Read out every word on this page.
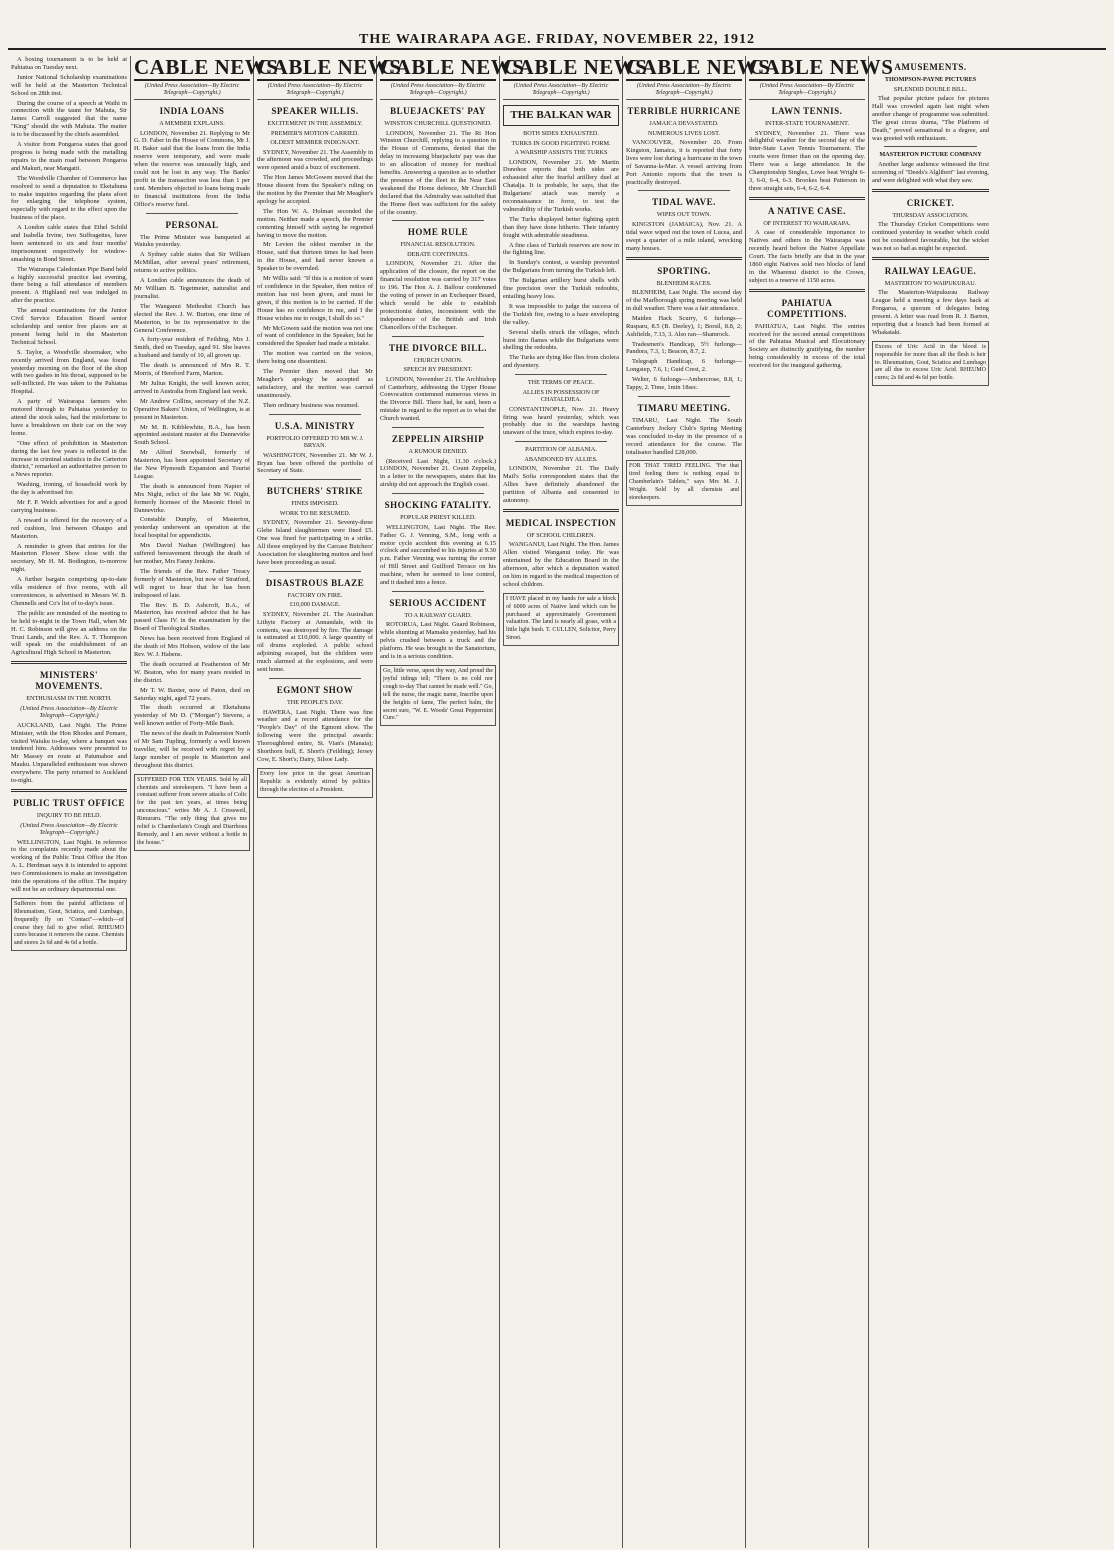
THE WAIRARAPA AGE. FRIDAY, NOVEMBER 22, 1912

A boxing tournament is to be held at Pahiatua on Tuesday next.

Junior National Scholarship examinations will be held at the Masterton Technical School on 28th inst.

During the course of a speech at Waihi in connection with the taunt for Mahuta, Sir James Carroll suggested that the name "King" should die with Mahuta. The matter is to be discussed by the chiefs assembled.

A visitor from Pongaroa states that good progress is being made with the metalling repairs to the main road between Pongaroa and Makuri, near Mangatii.

The Woodville Chamber of Commerce has resolved to send a deputation to Eketahuna to make inquiries regarding the plans afoot for enlarging the telephone system, especially with regard to the effect upon the business of the place.

A London cable states that Ethel Schild and Isabella Irvine, two Suffragettes, have been sentenced to six and four months' imprisonment respectively for window-smashing in Bond Street.

The Wairarapa Caledonian Pipe Band held a highly successful practice last evening, there being a full attendance of members present. A Highland reel was indulged in after the practice.

The annual examinations for the Junior Civil Service Education Board senior scholarship and senior free places are at present being held in the Masterton Technical School.

S. Taylor, a Woodville shoemaker, who recently arrived from England, was found yesterday morning on the floor of the shop with two gashes in his throat, supposed to be self-inflicted. He was taken to the Pahiatua Hospital.

A party of Wairarapa farmers who motored through to Pahiatua yesterday to attend the stock sales, had the misfortune to have a breakdown on their car on the way home.

"One effect of prohibition in Masterton during the last few years is reflected in the increase in criminal statistics in the Carterton district," remarked an authoritative person to a News reporter.

Washing, ironing, of household work by the day is advertised for.

Mr F. P. Welch advertises for and a good carrying business.

A reward is offered for the recovery of a red cushion, lost between Ohaupo and Masterton.

A reminder is given that entries for the Masterton Flower Show close with the secretary, Mr H. M. Bodington, to-morrow night.

A further bargain comprising up-to-date villa residence of five rooms, with all conveniences, is advertised in Messrs W. B. Chennells and Co's list of to-day's issue.

The public are reminded of the meeting to be held to-night in the Town Hall, when Mr H. C. Robinson will give an address on the Trust Lands, and the Rev. A. T. Thompson will speak on the establishment of an Agricultural High School in Masterton.

MINISTERS' MOVEMENTS.
ENTHUSIASM IN THE NORTH.
(United Press Association—By Electric Telegraph—Copyright.)

AUCKLAND, Last Night. The Prime Minister, with the Hon Rhodes and Pomare, visited Waiuku to-day, where a banquet was tendered him. Addresses were presented to Mr Massey en route at Patumahoe and Mauku. Unparalleled enthusiasm was shown everywhere. The party returned to Auckland to-night.

PUBLIC TRUST OFFICE
INQUIRY TO BE HELD.
(United Press Association—By Electric Telegraph—Copyright.)

WELLINGTON, Last Night. In reference to the complaints recently made about the working of the Public Trust Office the Hon A. L. Herdman says it is intended to appoint two Commissioners to make an investigation into the operations of the office. The inquiry will not be an ordinary departmental one.

Sufferers from the painful afflictions of Rheumatism, Gout, Sciatica, and Lumbago, frequently fly on "Contact"—which—of course they fail to give relief. RHEUMO cures because it removes the cause. Chemists and stores 2s 6d and 4s 6d a bottle.
CABLE NEWS
(United Press Association—By Electric Telegraph—Copyright.)
INDIA LOANS
A MEMBER EXPLAINS.

LONDON, November 21. Replying to Mr G. D. Faber in the House of Commons, Mr J. H. Baker said that the loans from the India reserve were temporary, and were made when the reserve was unusually high, and could not be lost in any way. The Banks' profit in the transaction was less than 1 per cent. Members objected to loans being made to financial institutions from the India Office's reserve fund.

PERSONAL

The Prime Minister was banqueted at Waiuku yesterday.

A Sydney cable states that Sir William McMillan, after several years' retirement, returns to active politics.

A London cable announces the death of Mr William B. Tegetmeier, naturalist and journalist.

The Wanganui Methodist Church has elected the Rev. J. W. Burton, one time of Masterton, to be its representative to the General Conference.

A forty-year resident of Feilding, Mrs J. Smith, died on Tuesday, aged 91. She leaves a husband and family of 10, all grown up.

The death is announced of Mrs R. T. Morris, of Hereford Farm, Marton.

Mr Julius Knight, the well known actor, arrived in Australia from England last week.

Mr Andrew Collins, secretary of the N.Z. Operative Bakers' Union, of Wellington, is at present in Masterton.

Mr M. B. Kibblewhite, B.A., has been appointed assistant master at the Dannevirke South School.

Mr Alfred Snowball, formerly of Masterton, has been appointed Secretary of the New Plymouth Expansion and Tourist League.

The death is announced from Napier of Mrs Night, relict of the late Mr W. Night, formerly licensee of the Masonic Hotel in Dannevirke.

Constable Dunphy, of Masterton, yesterday underwent an operation at the local hospital for appendicitis.

Mrs David Nathan (Wellington) has suffered bereavement through the death of her mother, Mrs Fanny Jenkins.

The friends of the Rev. Father Treacy formerly of Masterton, but now of Stratford, will regret to hear that he has been indisposed of late.

The Rev. B. D. Ashcroft, B.A., of Masterton, has received advice that he has passed Class IV. in the examination by the Board of Theological Studies.

News has been received from England of the death of Mrs Hobson, widow of the late Rev. W. J. Habens.

The death occurred at Featherston of Mr W. Beaton, who for many years resided in the district.

Mr T. W. Baxter, now of Paton, died on Saturday night, aged 72 years.

The death occurred at Eketahuna yesterday of Mr D. ("Morgan") Stevens, a well known settler of Forty-Mile Bush.

The news of the death in Palmerston North of Mr Sam Tupling, formerly a well known traveller, will be received with regret by a large number of people in Masterton and throughout this district.

SUFFERED FOR TEN YEARS. Sold by all chemists and storekeepers. "I have been a constant sufferer from severe attacks of Colic for the past ten years, at times being unconscious." writes Mr A. J. Crossweil, Rimuraru. "The only thing that gives me relief is Chamberlain's Cough and Diarrhoea Remedy, and I am never without a bottle in the house."
CABLE NEWS
(United Press Association—By Electric Telegraph—Copyright.)
SPEAKER WILLIS.
EXCITEMENT IN THE ASSEMBLY.
PREMIER'S MOTION CARRIED.
OLDEST MEMBER INDIGNANT.

SYDNEY, November 21. The Assembly in the afternoon was crowded, and proceedings were opened amid a buzz of excitement.

The Hon James McGowen moved that the House dissent from the Speaker's ruling on the motion by the Premier that Mr Meagher's apology be accepted.

The Hon W. A. Holman seconded the motion. Neither made a speech, the Premier contenting himself with saying he regretted having to move the motion.

Mr Levien the oldest member in the House, said that thirteen times he had been in the House, and had never known a Speaker to be overruled.

Mr Willis said: "If this is a motion of want of confidence in the Speaker, then notice of motion has not been given, and must be given, if this motion is to be carried. If the House has no confidence in me, and I the House wishes me to resign, I shall do so."

Mr McGowen said the motion was not one of want of confidence in the Speaker, but he considered the Speaker had made a mistake.

The motion was carried on the voices, there being one dissentient.

The Premier then moved that Mr Meagher's apology be accepted as satisfactory, and the motion was carried unanimously.

Then ordinary business was resumed.

U.S.A. MINISTRY
PORTFOLIO OFFERED TO MR W. J. BRYAN.

WASHINGTON, November 21. Mr W. J. Bryan has been offered the portfolio of Secretary of State.

BUTCHERS' STRIKE
FINES IMPOSED.
WORK TO BE RESUMED.

SYDNEY, November 21. Seventy-three Glebe Island slaughtermen were fined £5. One was fined for participating in a strike. All those employed by the Carcase Butchers' Association for slaughtering mutton and beef have been proceeding as usual.

DISASTROUS BLAZE
FACTORY ON FIRE.
£10,000 DAMAGE.

SYDNEY, November 21. The Australian Lithyte Factory at Annandale, with its contents, was destroyed by fire. The damage is estimated at £10,000. A large quantity of oil drums exploded. A public school adjoining escaped, but the children were much alarmed at the explosions, and were sent home.

EGMONT SHOW
THE PEOPLE'S DAY.

HAWERA, Last Night. There was fine weather and a record attendance for the "People's Day" of the Egmont show. The following were the principal awards: Thoroughbred entire, St. Vian's (Manaia); Shorthorn bull, E. Short's (Feilding); Jersey Cow, E. Short's; Dairy, Silsoe Lady.

Every low price in the great American Republic is evidently stirred by politics through the election of a President.
CABLE NEWS
(United Press Association—By Electric Telegraph—Copyright.)
BLUEJACKETS' PAY
WINSTON CHURCHILL QUESTIONED.

LONDON, November 21. The Rt Hon Winston Churchill, replying to a question in the House of Commons, denied that the delay in increasing bluejackets' pay was due to an allocation of money for medical benefits. Answering a question as to whether the presence of the fleet in the Near East weakened the Home defence, Mr Churchill declared that the Admiralty was satisfied that the Home fleet was sufficient for the safety of the country.

HOME RULE
FINANCIAL RESOLUTION.
DEBATE CONTINUES.

LONDON, November 21. After the application of the closure, the report on the financial resolution was carried by 317 votes to 196. The Hon A. J. Balfour condemned the voting of power in an Exchequer Board, which would be able to establish protectionist duties, inconsistent with the independence of the British and Irish Chancellors of the Exchequer.

THE DIVORCE BILL.
CHURCH UNION.
SPEECH BY PRESIDENT.

LONDON, November 21. The Archbishop of Canterbury, addressing the Upper House Convocation contemned numerous views in the Divorce Bill. There had, he said, been a mistake in regard to the report as to what the Church wanted.

ZEPPELIN AIRSHIP
A RUMOUR DENIED.

(Received Last Night, 11.30 o'clock.) LONDON, November 21. Count Zeppelin, in a letter to the newspapers, states that his airship did not approach the English coast.

SHOCKING FATALITY.
POPULAR PRIEST KILLED.

WELLINGTON, Last Night. The Rev. Father G. J. Venning, S.M., long with a motor cycle accident this evening at 6.15 o'clock and succumbed to his injuries at 9.30 p.m. Father Venning was turning the corner of Hill Street and Guilford Terrace on his machine, when he seemed to lose control, and it dashed into a fence.

SERIOUS ACCIDENT
TO A RAILWAY GUARD.

ROTORUA, Last Night. Guard Robinson, while shunting at Mamaku yesterday, had his pelvis crushed between a truck and the platform. He was brought to the Sanatorium, and is in a serious condition.

Go, little verse, upon thy way, And proud the joyful tidings tell; "There is no cold nor cough to-day That cannot be made well." Go, tell the nurse, the magic name, Inscribe upon the heights of fame, The perfect balm, the secret sure, "W. E. Woods' Great Peppermint Cure."
CABLE NEWS
(United Press Association—By Electric Telegraph—Copyright.)
THE BALKAN WAR
BOTH SIDES EXHAUSTED.
TURKS IN GOOD FIGHTING FORM.
A WARSHIP ASSISTS THE TURKS

LONDON, November 21. Mr Martin Donohoe reports that both sides are exhausted after the fearful artillery duel at Chatalja. It is probable, he says, that the Bulgarians' attack was merely a reconnaissance in force, to test the vulnerability of the Turkish works.

The Turks displayed better fighting spirit than they have done hitherto. Their infantry fought with admirable steadiness.

A fine class of Turkish reserves are now in the fighting line.

In Sunday's contest, a warship prevented the Bulgarians from turning the Turkish left.

The Bulgarian artillery burst shells with fine precision over the Turkish redoubts, entailing heavy loss.

It was impossible to judge the success of the Turkish fire, owing to a haze enveloping the valley.

Several shells struck the villages, which burst into flames while the Bulgarians were shelling the redoubts.

The Turks are dying like flies from cholera and dysentery.

THE TERMS OF PEACE.
ALLIES IN POSSESSION OF CHATALDJEA.

CONSTANTINOPLE, Nov. 21. Heavy firing was heard yesterday, which was probably due to the warships having unaware of the truce, which expires to-day.

PARTITION OF ALBANIA.
ABANDONED BY ALLIES.

LONDON, November 21. The Daily Mail's Sofia correspondent states that the Allies have definitely abandoned the partition of Albania and consented to autonomy.

MEDICAL INSPECTION
OF SCHOOL CHILDREN.

WANGANUI, Last Night. The Hon. James Allen visited Wanganui today. He was entertained by the Education Board in the afternoon, after which a deputation waited on him in regard to the medical inspection of school children.

I HAVE placed in my hands for sale a block of 6000 acres of Native land which can be purchased at approximately Government valuation. The land is nearly all grass, with a little light bush. T. CULLEN, Solicitor, Perry Street.
CABLE NEWS
(United Press Association—By Electric Telegraph—Copyright.)
TERRIBLE HURRICANE
JAMAICA DEVASTATED.
NUMEROUS LIVES LOST.

VANCOUVER, November 20. From Kingston, Jamaica, it is reported that forty lives were lost during a hurricane in the town of Savanna-la-Mar. A vessel arriving from Port Antonio reports that the town is practically destroyed.

TIDAL WAVE.
WIPES OUT TOWN.

KINGSTON (JAMAICA), Nov. 21. A tidal wave wiped out the town of Lucea, and swept a quarter of a mile inland, wrecking many houses.

SPORTING.
BLENHEIM RACES.

BLENHEIM, Last Night. The second day of the Marlborough spring meeting was held in dull weather. There was a fair attendance.

Maiden Hack Scurry, 6 furlongs—Rusparu, 8.5 (B. Deeley), 1; Borsil, 8.8, 2; Ashfields, 7.13, 3. Also ran—Shamrock.

Tradesmen's Handicap, 5½ furlongs—Pandora, 7.3, 1; Beacon, 8.7, 2.

Telegraph Handicap, 6 furlongs—Longstep, 7.6, 1; Guid Crest, 2.

Welter, 6 furlongs—Ambercrose, 8.8, 1; Tappy, 2. Time, 1min 18sec.

TIMARU MEETING.

TIMARU, Last Night. The South Canterbury Jockey Club's Spring Meeting was concluded to-day in the presence of a record attendance for the course. The totalisator handled £28,000.

FOR THAT TIRED FEELING. "For that tired feeling there is nothing equal to Chamberlain's Tablets," says Mrs M. J. Wright. Sold by all chemists and storekeepers.
CABLE NEWS
(United Press Association—By Electric Telegraph—Copyright.)
LAWN TENNIS.
INTER-STATE TOURNAMENT.

SYDNEY, November 21. There was delightful weather for the second day of the Inter-State Lawn Tennis Tournament. The courts were firmer than on the opening day. There was a large attendance. In the Championship Singles, Lowe beat Wright 6-3, 6-0, 6-4, 6-3. Brookes beat Patterson in three straight sets, 6-4, 6-2, 6-4.

A NATIVE CASE.
OF INTEREST TO WAIRARAPA.

A case of considerable importance to Natives and others in the Wairarapa was recently heard before the Native Appellate Court. The facts briefly are that in the year 1860 eight Natives sold two blocks of land in the Wharenui district to the Crown, subject to a reserve of 1150 acres.

PAHIATUA COMPETITIONS.

PAHIATUA, Last Night. The entries received for the second annual competitions of the Pahiatua Musical and Elocutionary Society are distinctly gratifying, the number being considerably in excess of the total received for the inaugural gathering.

AMUSEMENTS.
THOMPSON-PAYNE PICTURES
SPLENDID DOUBLE BILL.

That popular picture palace for pictures Hall was crowded again last night when another change of programme was submitted. The great circus drama, "The Platform of Death," proved sensational to a degree, and was greeted with enthusiasm.

MASTERTON PICTURE COMPANY

Another large audience witnessed the first screening of "Deeds's Alglibert" last evening, and were delighted with what they saw.

CRICKET.
THURSDAY ASSOCIATION.

The Thursday Cricket Competitions were continued yesterday in weather which could not be considered favourable, but the wicket was not so bad as might be expected.

RAILWAY LEAGUE.
MASTERTON TO WAIPUKURAU.

The Masterton-Waipukurau Railway League held a meeting a few days back at Pongaroa, a quorum of delegates being present. A letter was read from R. J. Barton, reporting that a branch had been formed at Whakataki.

Excess of Uric Acid in the blood is responsible for more than all the flesh is heir to. Rheumatism, Gout, Sciatica and Lumbago are all due to excess Uric Acid. RHEUMO cures; 2s 6d and 4s 6d per bottle.
